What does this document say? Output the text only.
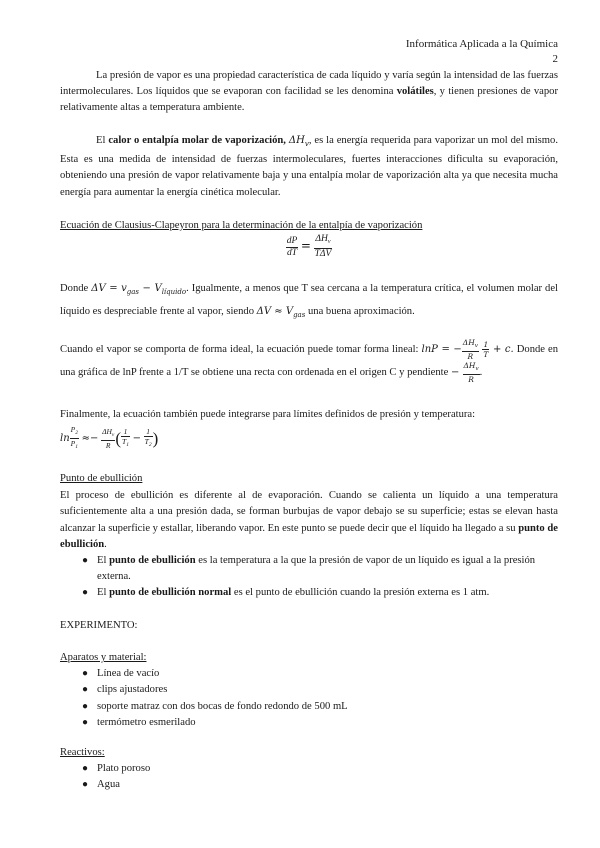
Informática Aplicada a la Química
2

La presión de vapor es una propiedad característica de cada líquido y varía según la intensidad de las fuerzas intermoleculares. Los líquidos que se evaporan con facilidad se les denomina volátiles, y tienen presiones de vapor relativamente altas a temperatura ambiente.

El calor o entalpía molar de vaporización, $\Delta H_v$, es la energía requerida para vaporizar un mol del mismo. Esta es una medida de intensidad de fuerzas intermoleculares, fuertes interacciones dificulta su evaporación, obteniendo una presión de vapor relativamente baja y una entalpía molar de vaporización alta ya que necesita mucha energía para aumentar la energía cinética molecular.

Ecuación de Clausius-Clapeyron para la determinación de la entalpía de vaporización

$\frac{dP}{dT} = \frac{\Delta H_v}{\text{TΔV}}$

Donde $\Delta V = v_{gas} - V_{líquido}$. Igualmente, a menos que T sea cercana a la temperatura crítica, el volumen molar del líquido es despreciable frente al vapor, siendo $\Delta V \approx V_{gas}$ una buena aproximación.

Cuando el vapor se comporta de forma ideal, la ecuación puede tomar forma lineal: lnP = − $\frac{\Delta H_v}{R}$
$\frac{1}{T} + c$. Donde en una gráfica de lnP frente a 1/T se obtiene una recta con ordenada en el origen C y pendiente − $\frac{\Delta H_v}{R}$ .

Finalmente, la ecuación también puede integrarse para límites definidos de presión y temperatura:

$\ln \frac{P_2}{P_1} \approx- \frac{\Delta H_v}{R}$ ( $\frac{1}{T_1} - \frac{1}{T_2}$ )

Punto de ebullición

El proceso de ebullición es diferente al de evaporación. Cuando se calienta un líquido a una temperatura suficientemente alta a una presión dada, se forman burbujas de vapor debajo se su superficie; estas se elevan hasta alcanzar la superficie y estallar, liberando vapor. En este punto se puede decir que el líquido ha llegado a su punto de ebullición.

● El punto de ebullición es la temperatura a la que la presión de vapor de un líquido es igual a la presión externa.
● El punto de ebullición normal es el punto de ebullición cuando la presión externa es 1 atm.

EXPERIMENTO:

Aparatos y material:

● Línea de vacío
● clips ajustadores
● soporte matraz con dos bocas de fondo redondo de 500 mL
● termómetro esmerilado

Reactivos:

● Plato poroso
● Agua
